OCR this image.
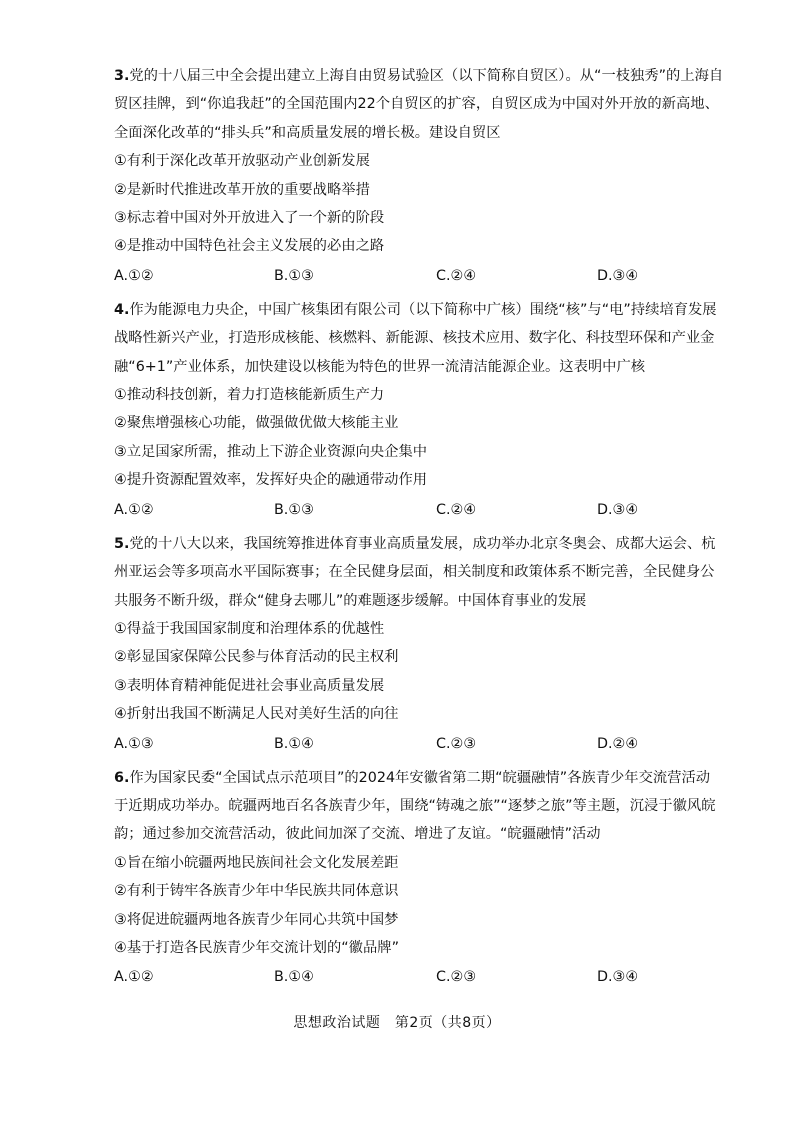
3.党的十八届三中全会提出建立上海自由贸易试验区（以下简称自贸区）。从“一枝独秀”的上海自贸区挂牌，到“你追我赶”的全国范围内22个自贸区的扩容，自贸区成为中国对外开放的新高地、全面深化改革的“排头兵”和高质量发展的增长极。建设自贸区

①有利于深化改革开放驱动产业创新发展

②是新时代推进改革开放的重要战略举措

③标志着中国对外开放进入了一个新的阶段

④是推动中国特色社会主义发展的必由之路

A.①②	B.①③	C.②④	D.③④

4.作为能源电力央企，中国广核集团有限公司（以下简称中广核）围绕“核”与“电”持续培育发展战略性新兴产业，打造形成核能、核燃料、新能源、核技术应用、数字化、科技型环保和产业金融“6+1”产业体系，加快建设以核能为特色的世界一流清洁能源企业。这表明中广核

①推动科技创新，着力打造核能新质生产力

②聚焦增强核心功能，做强做优做大核能主业

③立足国家所需，推动上下游企业资源向央企集中

④提升资源配置效率，发挥好央企的融通带动作用

A.①②	B.①③	C.②④	D.③④

5.党的十八大以来，我国统筹推进体育事业高质量发展，成功举办北京冬奥会、成都大运会、杭州亚运会等多项高水平国际赛事；在全民健身层面，相关制度和政策体系不断完善，全民健身公共服务不断升级，群众“健身去哪儿”的难题逐步缓解。中国体育事业的发展

①得益于我国国家制度和治理体系的优越性

②彰显国家保障公民参与体育活动的民主权利

③表明体育精神能促进社会事业高质量发展

④折射出我国不断满足人民对美好生活的向往

A.①③	B.①④	C.②③	D.②④

6.作为国家民委“全国试点示范项目”的2024年安徽省第二期“皖疆融情”各族青少年交流营活动于近期成功举办。皖疆两地百名各族青少年，围绕“铸魂之旅”“逐梦之旅”等主题，沉浸于徽风皖韵；通过参加交流营活动，彼此间加深了交流、增进了友谊。“皖疆融情”活动

①旨在缩小皖疆两地民族间社会文化发展差距

②有利于铸牢各族青少年中华民族共同体意识

③将促进皖疆两地各族青少年同心共筑中国梦

④基于打造各民族青少年交流计划的“徽品牌”

A.①②	B.①④	C.②③	D.③④
思想政治试题　第2页（共8页）
